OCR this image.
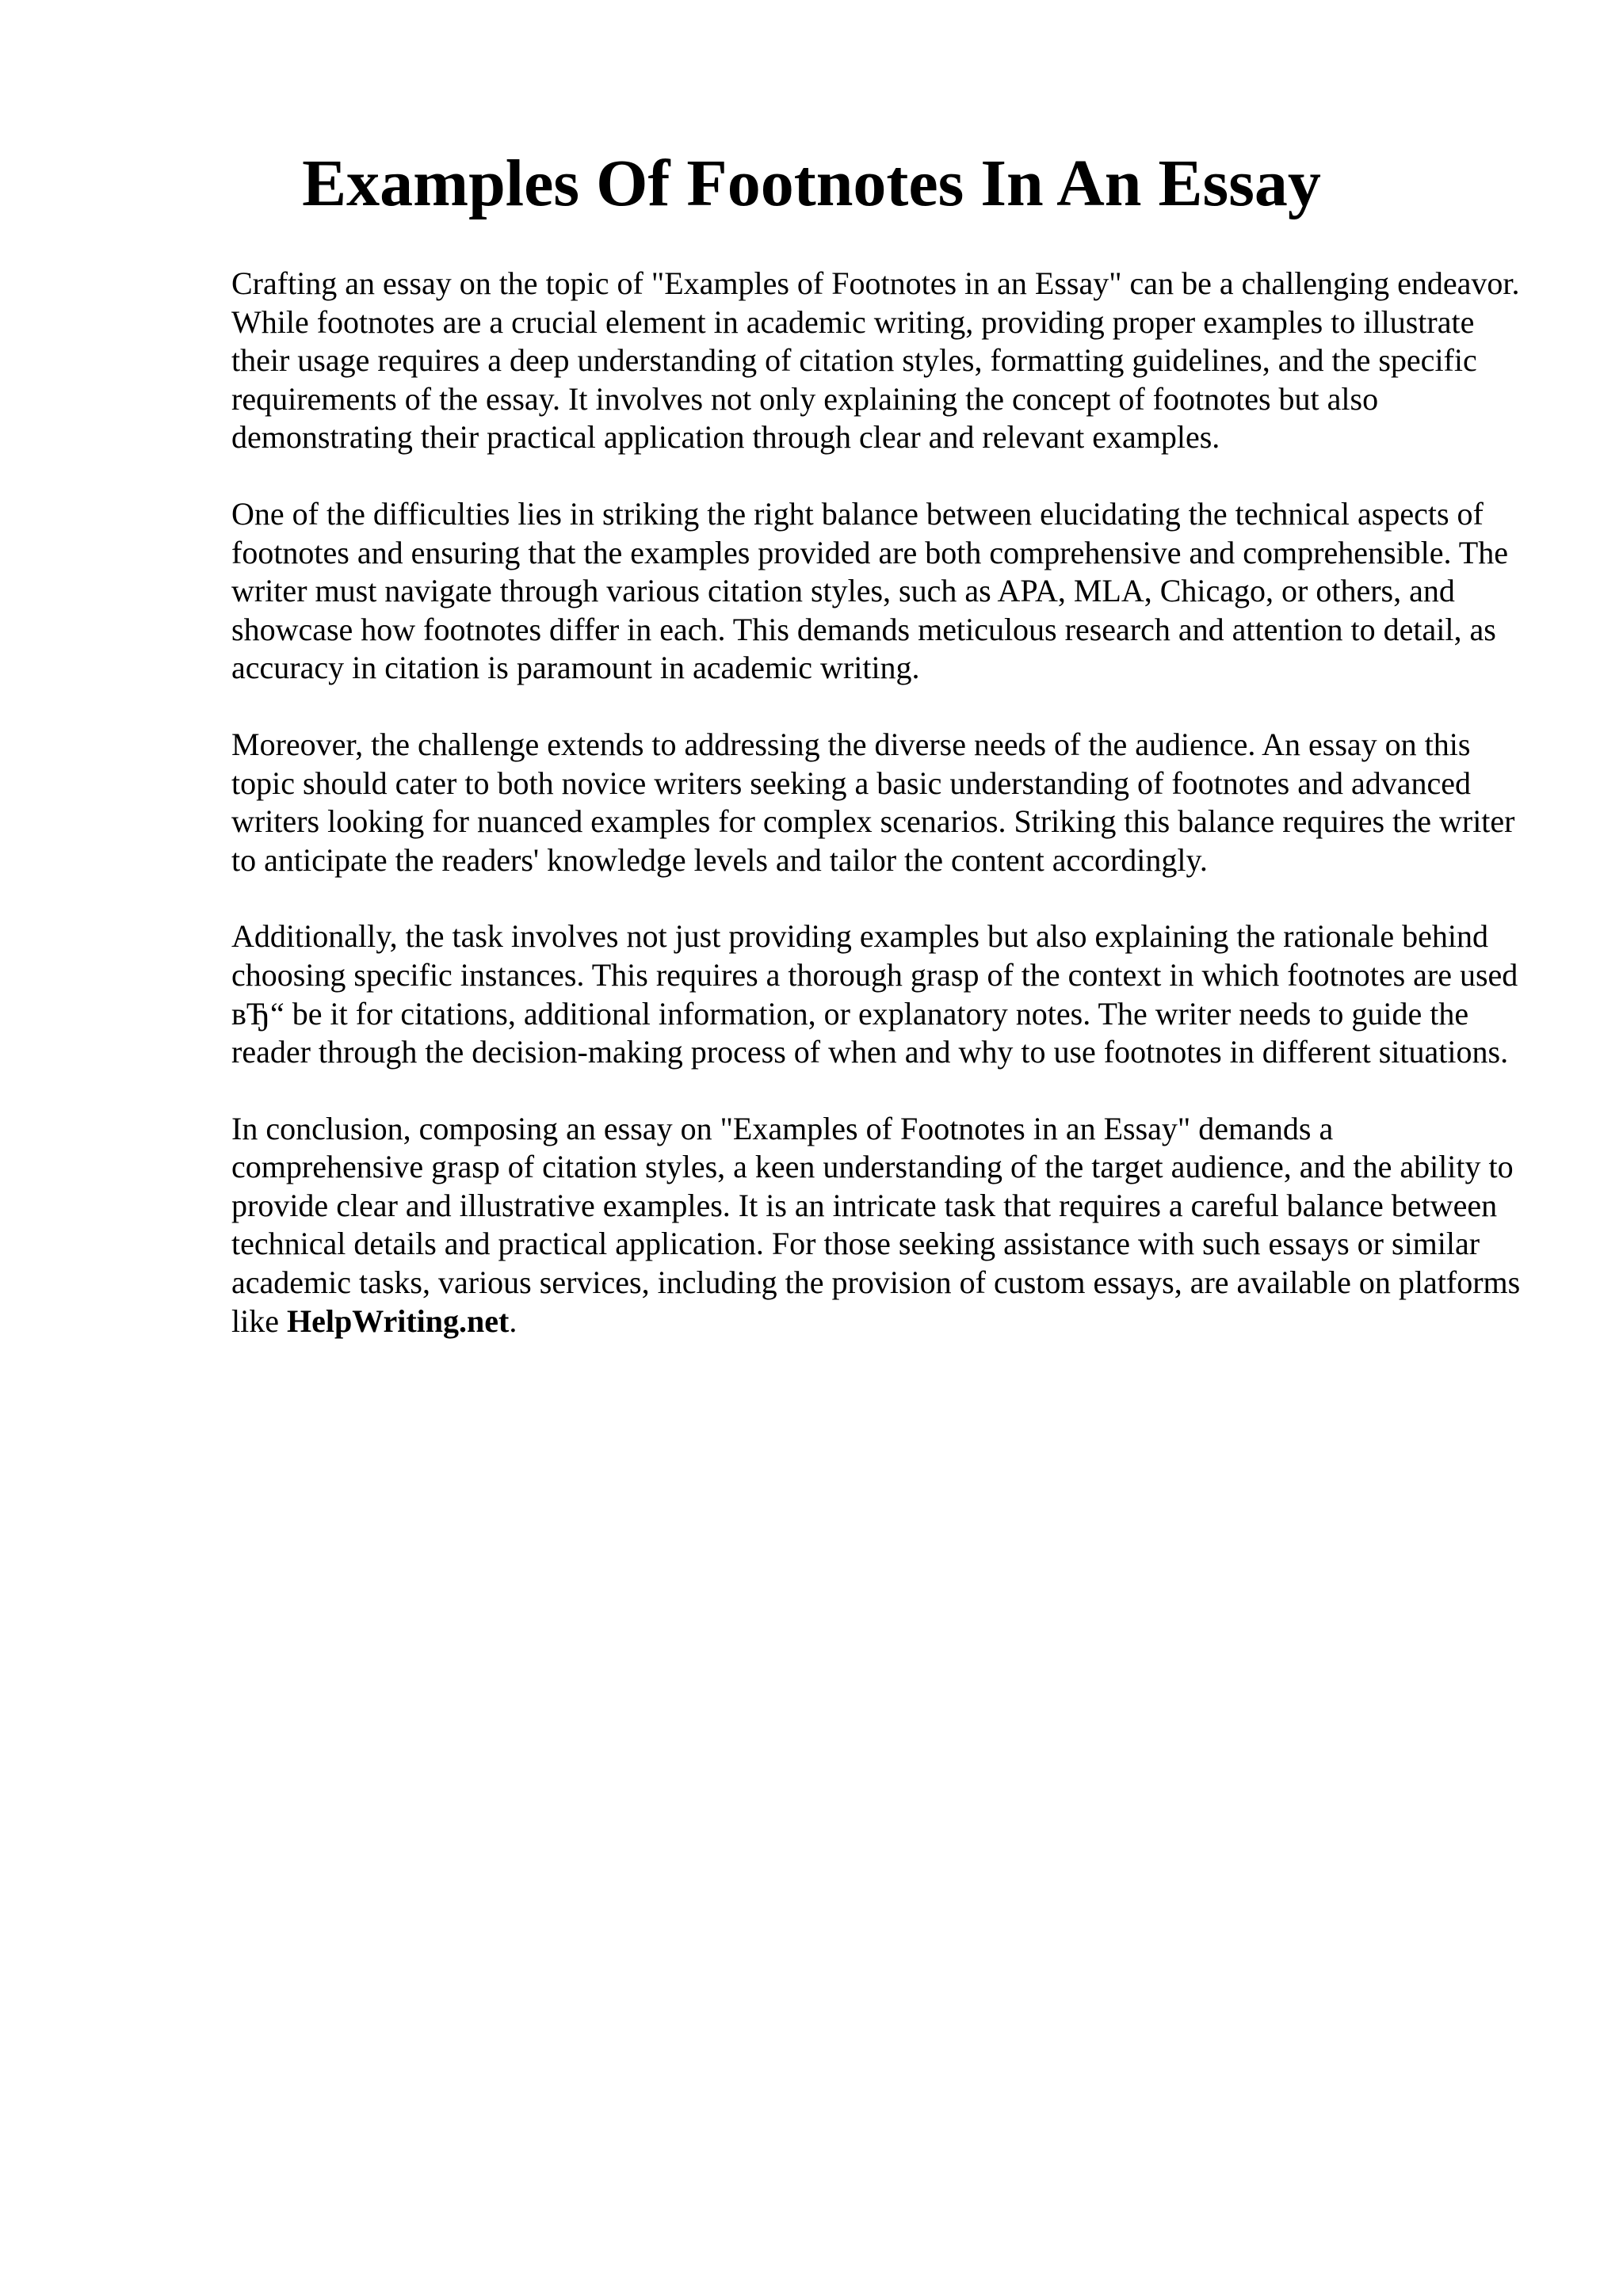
Examples Of Footnotes In An Essay

Crafting an essay on the topic of "Examples of Footnotes in an Essay" can be a challenging endeavor. While footnotes are a crucial element in academic writing, providing proper examples to illustrate their usage requires a deep understanding of citation styles, formatting guidelines, and the specific requirements of the essay. It involves not only explaining the concept of footnotes but also demonstrating their practical application through clear and relevant examples.

One of the difficulties lies in striking the right balance between elucidating the technical aspects of footnotes and ensuring that the examples provided are both comprehensive and comprehensible. The writer must navigate through various citation styles, such as APA, MLA, Chicago, or others, and showcase how footnotes differ in each. This demands meticulous research and attention to detail, as accuracy in citation is paramount in academic writing.

Moreover, the challenge extends to addressing the diverse needs of the audience. An essay on this topic should cater to both novice writers seeking a basic understanding of footnotes and advanced writers looking for nuanced examples for complex scenarios. Striking this balance requires the writer to anticipate the readers' knowledge levels and tailor the content accordingly.

Additionally, the task involves not just providing examples but also explaining the rationale behind choosing specific instances. This requires a thorough grasp of the context in which footnotes are used вЂ“ be it for citations, additional information, or explanatory notes. The writer needs to guide the reader through the decision-making process of when and why to use footnotes in different situations.

In conclusion, composing an essay on "Examples of Footnotes in an Essay" demands a comprehensive grasp of citation styles, a keen understanding of the target audience, and the ability to provide clear and illustrative examples. It is an intricate task that requires a careful balance between technical details and practical application. For those seeking assistance with such essays or similar academic tasks, various services, including the provision of custom essays, are available on platforms like HelpWriting.net.
